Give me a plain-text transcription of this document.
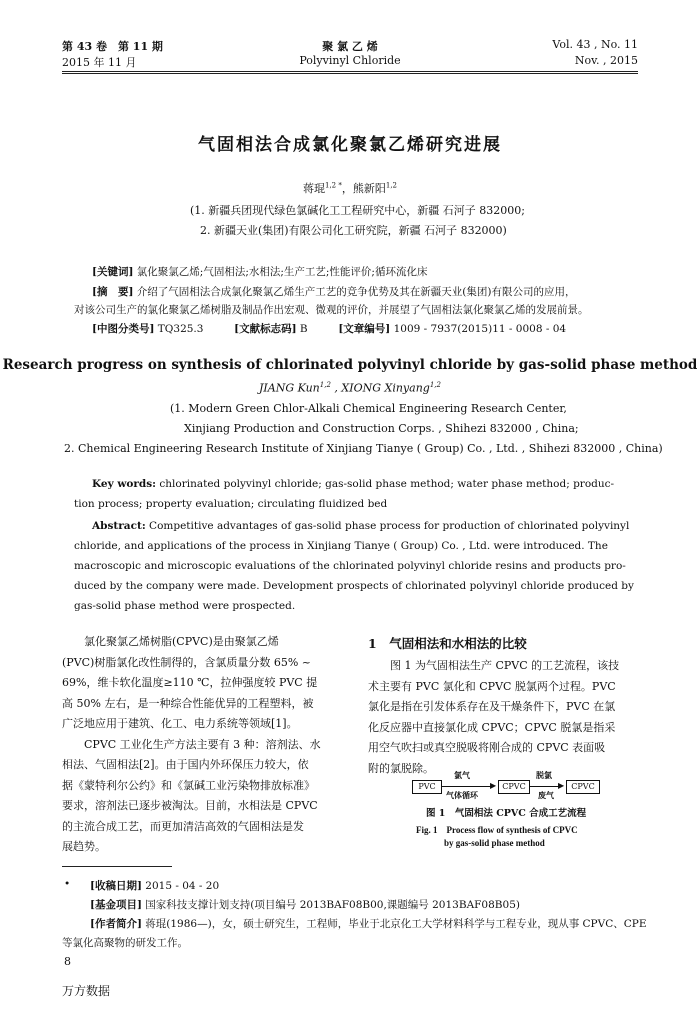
第 43 卷　第 11 期
2015 年 11 月
聚 氯 乙 烯
Polyvinyl Chloride
Vol. 43 , No. 11
Nov. , 2015
气固相法合成氯化聚氯乙烯研究进展
蒋琨$^{1,2 *}$，熊新阳$^{1,2}$
(1. 新疆兵团现代绿色氯碱化工工程研究中心，新疆 石河子 832000;
2. 新疆天业(集团)有限公司化工研究院，新疆 石河子 832000)
[关键词] 氯化聚氯乙烯;气固相法;水相法;生产工艺;性能评价;循环流化床
[摘　要] 介绍了气固相法合成氯化聚氯乙烯生产工艺的竞争优势及其在新疆天业(集团)有限公司的应用，
对该公司生产的氯化聚氯乙烯树脂及制品作出宏观、微观的评价，并展望了气固相法氯化聚氯乙烯的发展前景。
[中图分类号] TQ325.3	[文献标志码] B	[文章编号] 1009 - 7937(2015)11 - 0008 - 04
Research progress on synthesis of chlorinated polyvinyl chloride by gas-solid phase method
JIANG Kun$^{1,2}$ , XIONG Xinyang$^{1,2}$
(1. Modern Green Chlor-Alkali Chemical Engineering Research Center,
Xinjiang Production and Construction Corps. , Shihezi 832000 , China;
2. Chemical Engineering Research Institute of Xinjiang Tianye ( Group) Co. , Ltd. , Shihezi 832000 , China)
Key words: chlorinated polyvinyl chloride; gas-solid phase method; water phase method; produc-
tion process; property evaluation; circulating fluidized bed
Abstract: Competitive advantages of gas-solid phase process for production of chlorinated polyvinyl
chloride, and applications of the process in Xinjiang Tianye ( Group) Co. , Ltd. were introduced. The
macroscopic and microscopic evaluations of the chlorinated polyvinyl chloride resins and products pro-
duced by the company were made. Development prospects of chlorinated polyvinyl chloride produced by
gas-solid phase method were prospected.
　　氯化聚氯乙烯树脂(CPVC)是由聚氯乙烯
(PVC)树脂氯化改性制得的，含氯质量分数 65% ~
69%，维卡软化温度≥110 ℃，拉伸强度较 PVC 提
高 50% 左右，是一种综合性能优异的工程塑料，被
广泛地应用于建筑、化工、电力系统等领域[1]。
　　CPVC 工业化生产方法主要有 3 种：溶剂法、水
相法、气固相法[2]。由于国内外环保压力较大，依
据《蒙特利尔公约》和《氯碱工业污染物排放标准》
要求，溶剂法已逐步被淘汰。目前，水相法是 CPVC
的主流合成工艺，而更加清洁高效的气固相法是发
展趋势。
1　气固相法和水相法的比较
　　图 1 为气固相法生产 CPVC 的工艺流程，该技
术主要有 PVC 氯化和 CPVC 脱氯两个过程。PVC
氯化是指在引发体系存在及干燥条件下，PVC 在氯
化反应器中直接氯化成 CPVC；CPVC 脱氯是指采
用空气吹扫或真空脱吸将刚合成的 CPVC 表面吸
附的氯脱除。
PVC	▶
氯气
气体循环
CPVC	▶
脱氯
废气
CPVC
图 1　气固相法 CPVC 合成工艺流程
Fig. 1　Process flow of synthesis of CPVC
by gas-solid phase method
• [收稿日期] 2015 - 04 - 20
[基金项目] 国家科技支撑计划支持(项目编号 2013BAF08B00,课题编号 2013BAF08B05)
[作者简介] 蒋琨(1986—)，女，硕士研究生，工程师，毕业于北京化工大学材料科学与工程专业，现从事 CPVC、CPE
等氯化高聚物的研发工作。
8
万方数据
